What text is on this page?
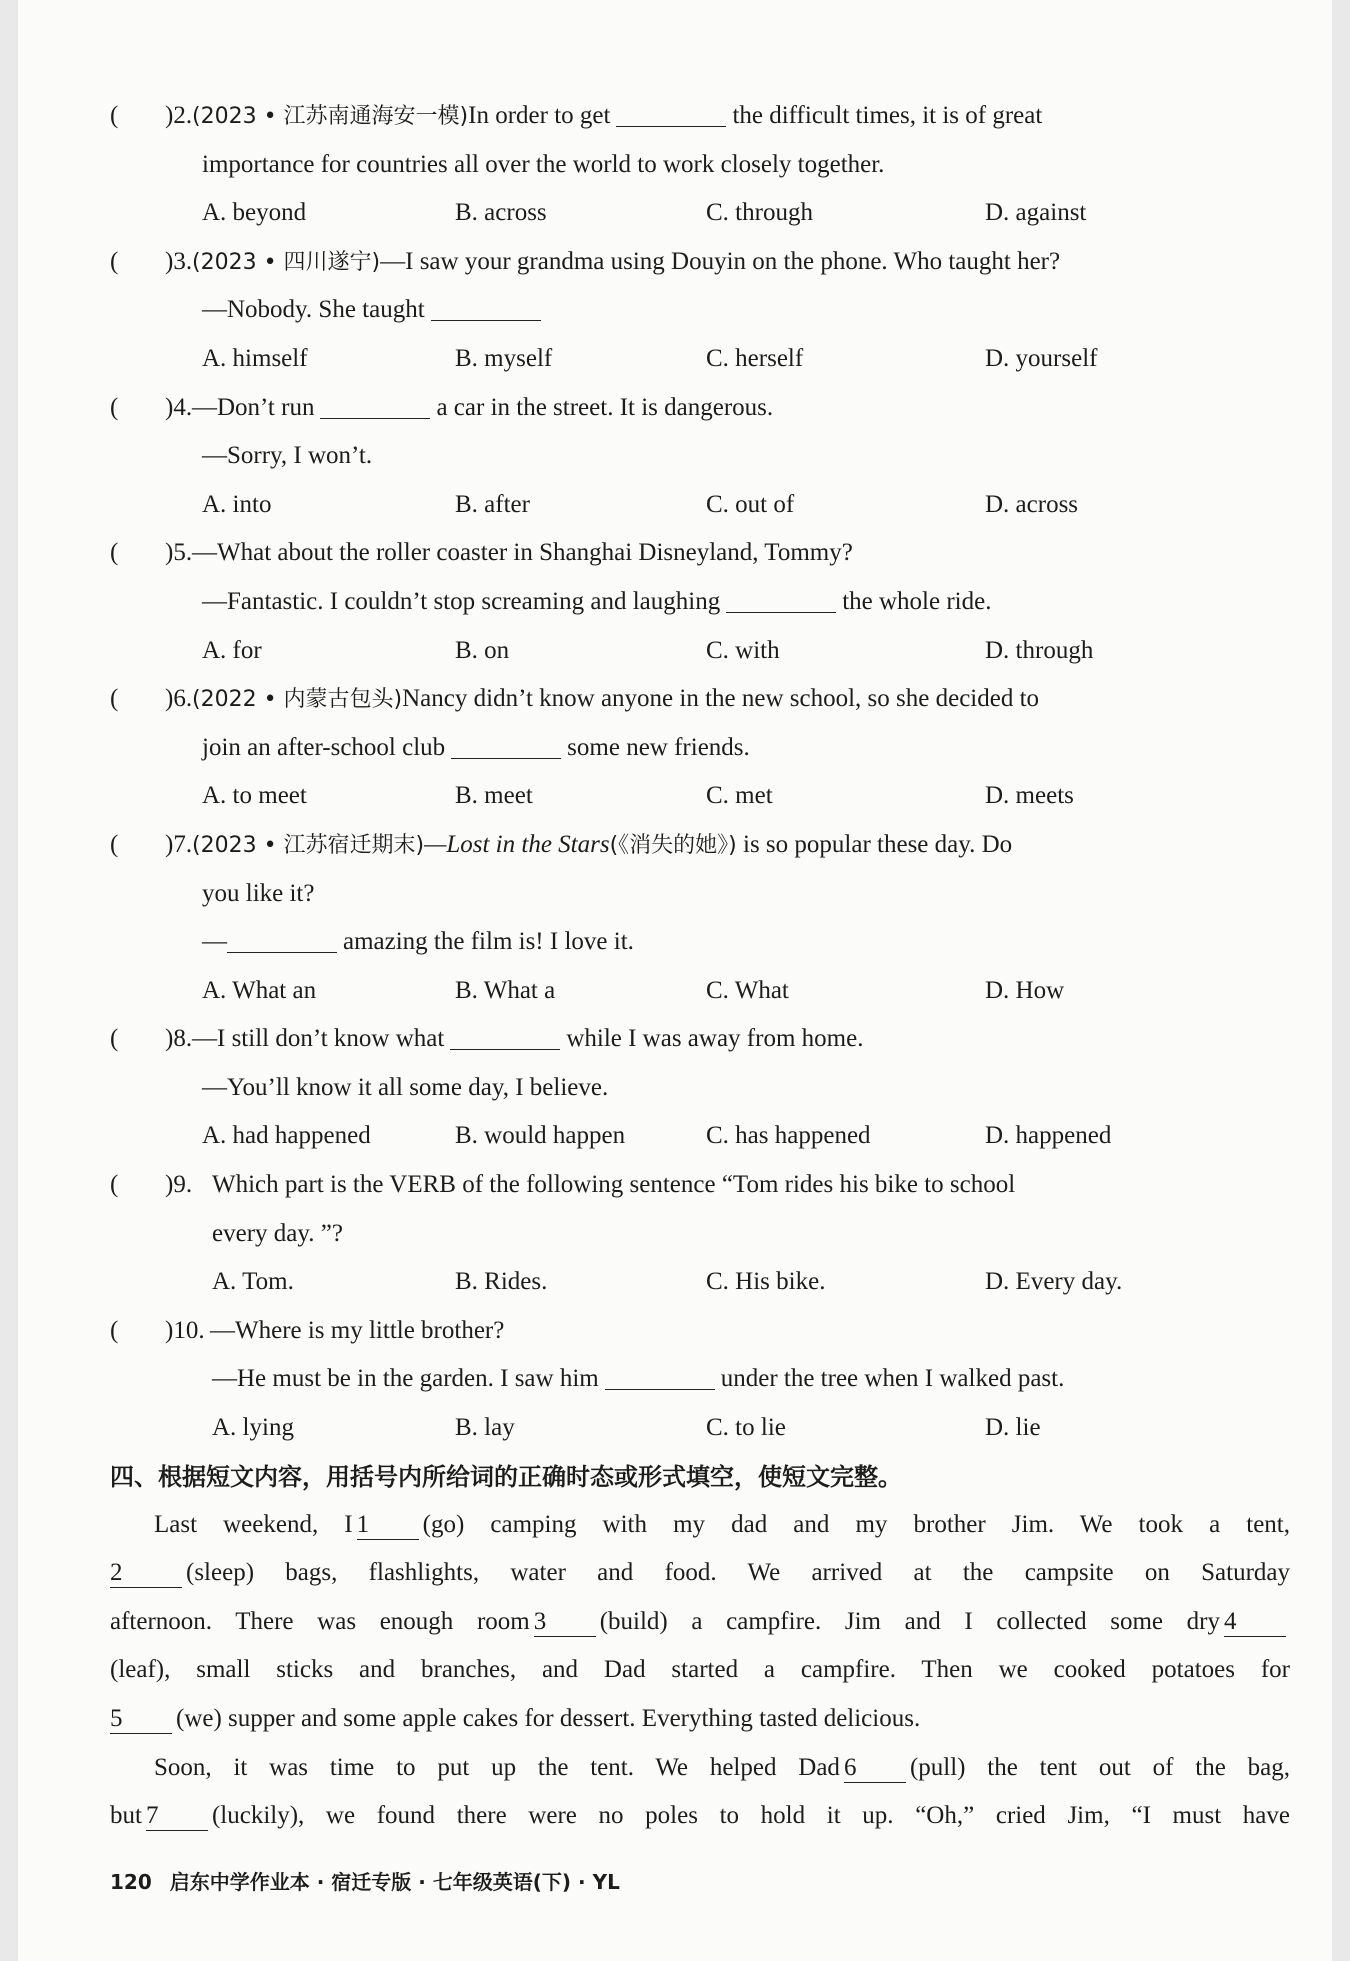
( )2. (2023 • 江苏南通海安一模)In order to get	the difficult times, it is of great
importance for countries all over the world to work closely together.
A. beyond	B. across	C. through	D. against
( )3. (2023 • 四川遂宁)—I saw your grandma using Douyin on the phone. Who taught her?
—Nobody. She taught
A. himself	B. myself	C. herself	D. yourself
( )4. —Don’t run	a car in the street. It is dangerous.
—Sorry, I won’t.
A. into	B. after	C. out of	D. across
( )5. —What about the roller coaster in Shanghai Disneyland, Tommy?
—Fantastic. I couldn’t stop screaming and laughing	the whole ride.
A. for	B. on	C. with	D. through
( )6. (2022 • 内蒙古包头)Nancy didn’t know anyone in the new school, so she decided to
join an after-school club	some new friends.
A. to meet	B. meet	C. met	D. meets
( )7. (2023 • 江苏宿迁期末)—Lost in the Stars(《消失的她》) is so popular these day. Do
you like it?
—	amazing the film is! I love it.
A. What an	B. What a	C. What	D. How
( )8. —I still don’t know what	while I was away from home.
—You’ll know it all some day, I believe.
A. had happened	B. would happen	C. has happened	D. happened
( )9. Which part is the VERB of the following sentence “Tom rides his bike to school
every day. ”?
A. Tom.	B. Rides.	C. His bike.	D. Every day.
( )10. —Where is my little brother?
—He must be in the garden. I saw him	under the tree when I walked past.
A. lying	B. lay	C. to lie	D. lie
四、根据短文内容，用括号内所给词的正确时态或形式填空，使短文完整。
Last weekend, I 1 (go) camping with my dad and my brother Jim. We took a tent,
2	(sleep) bags, flashlights, water and food. We arrived at the campsite on Saturday
afternoon. There was enough room 3 (build) a campfire. Jim and I collected some dry 4
(leaf), small sticks and branches, and Dad started a campfire. Then we cooked potatoes for
5 (we) supper and some apple cakes for dessert. Everything tasted delicious.
Soon, it was time to put up the tent. We helped Dad 6 (pull) the tent out of the bag,
but 7 (luckily), we found there were no poles to hold it up. “Oh,” cried Jim, “I must have
120 启东中学作业本 · 宿迁专版 · 七年级英语(下) · YL
